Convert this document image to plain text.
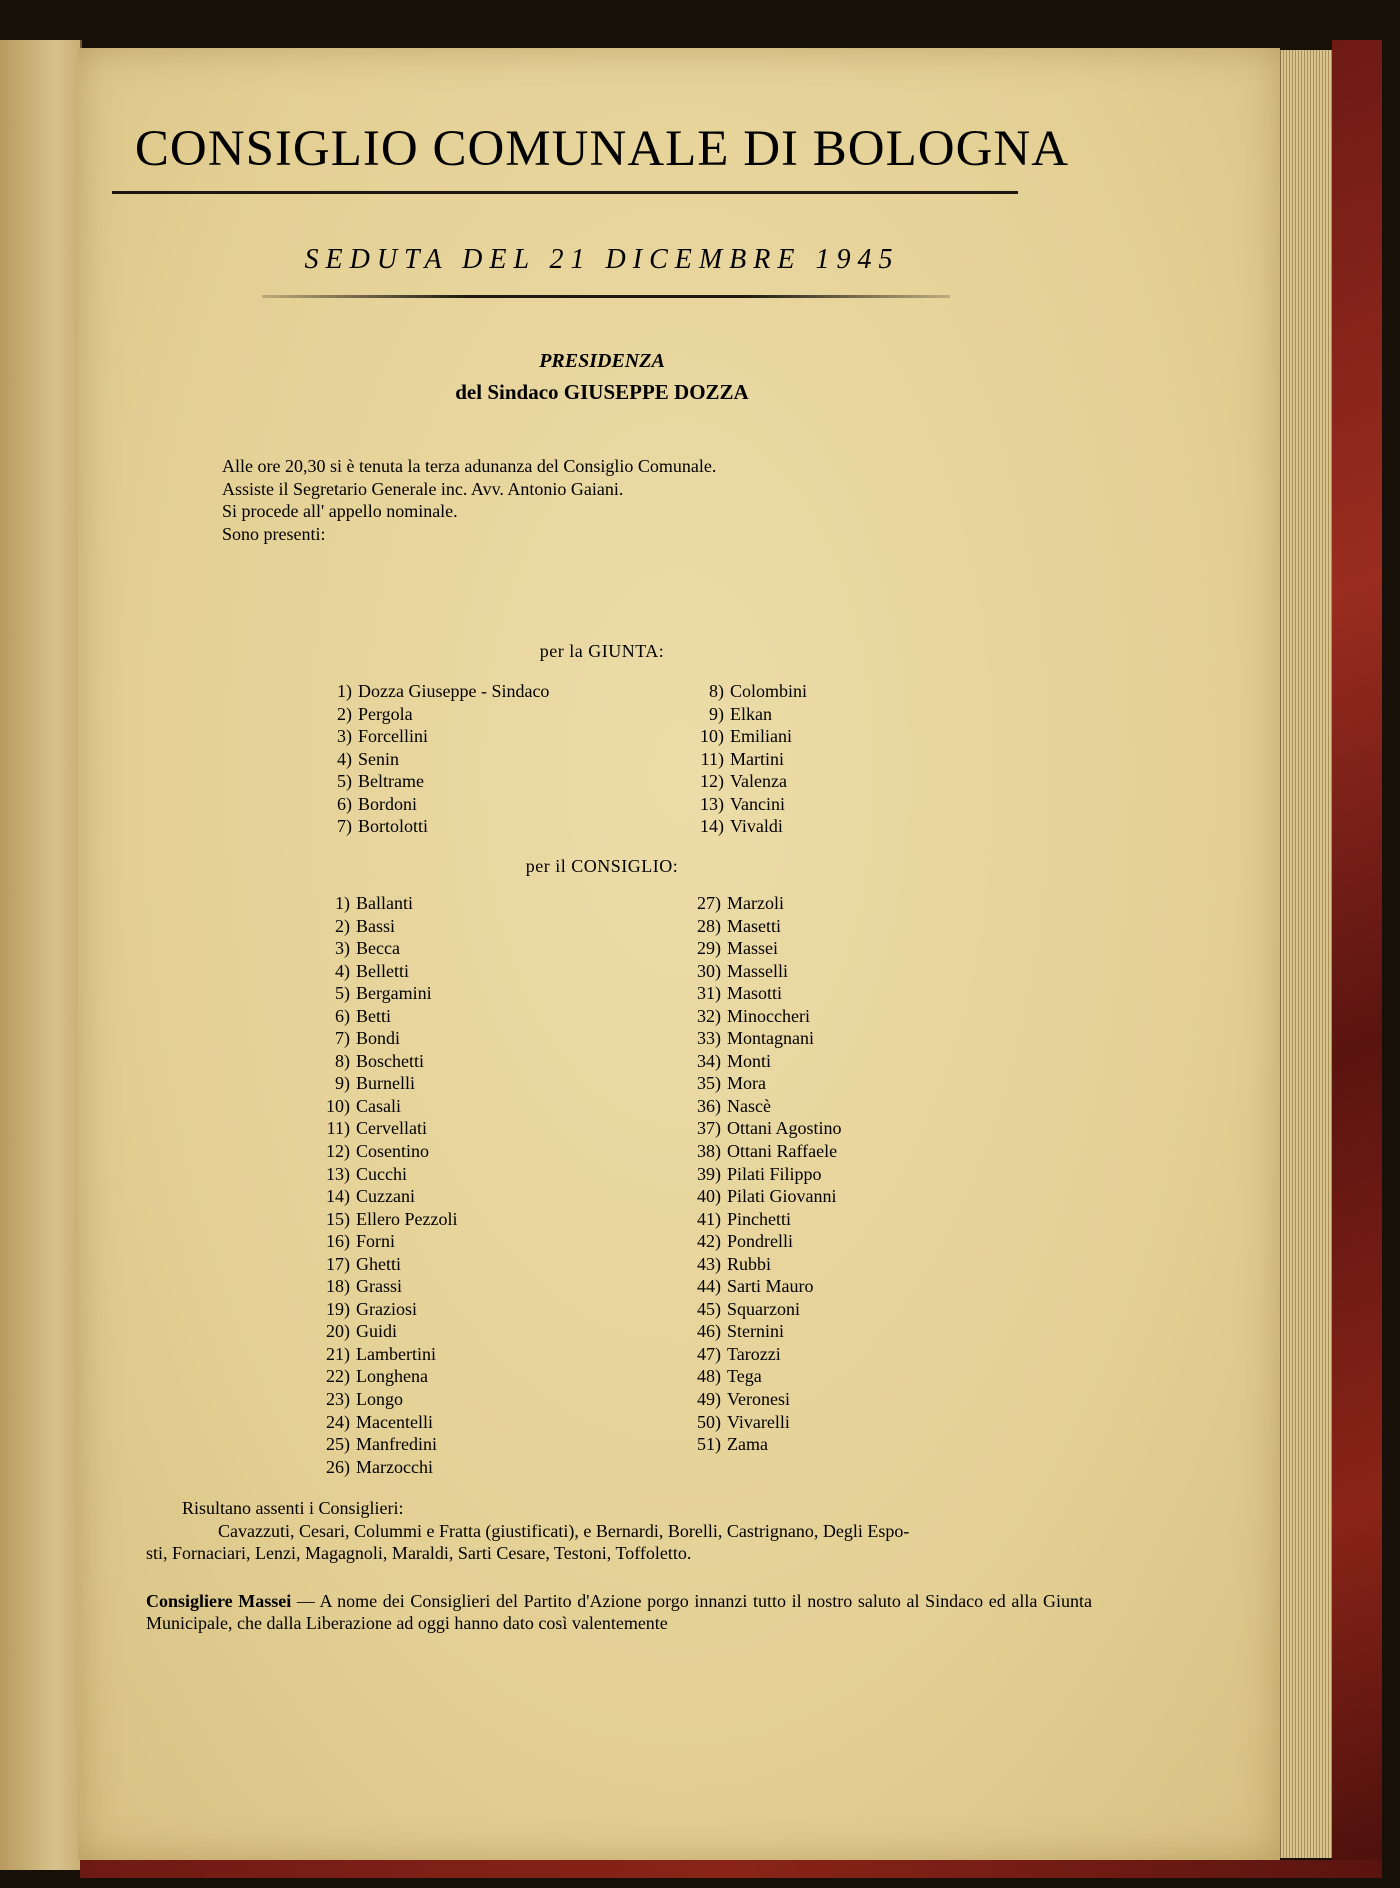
CONSIGLIO COMUNALE DI BOLOGNA
SEDUTA DEL 21 DICEMBRE 1945
PRESIDENZA
del Sindaco GIUSEPPE DOZZA
Alle ore 20,30 si è tenuta la terza adunanza del Consiglio Comunale.
Assiste il Segretario Generale inc. Avv. Antonio Gaiani.
Si procede all' appello nominale.
Sono presenti:
per la GIUNTA:
1) Dozza Giuseppe - Sindaco
2) Pergola
3) Forcellini
4) Senin
5) Beltrame
6) Bordoni
7) Bortolotti
8) Colombini
9) Elkan
10) Emiliani
11) Martini
12) Valenza
13) Vancini
14) Vivaldi
per il CONSIGLIO:
1) Ballanti
2) Bassi
3) Becca
4) Belletti
5) Bergamini
6) Betti
7) Bondi
8) Boschetti
9) Burnelli
10) Casali
11) Cervellati
12) Cosentino
13) Cucchi
14) Cuzzani
15) Ellero Pezzoli
16) Forni
17) Ghetti
18) Grassi
19) Graziosi
20) Guidi
21) Lambertini
22) Longhena
23) Longo
24) Macentelli
25) Manfredini
26) Marzocchi
27) Marzoli
28) Masetti
29) Massei
30) Masselli
31) Masotti
32) Minoccheri
33) Montagnani
34) Monti
35) Mora
36) Nascè
37) Ottani Agostino
38) Ottani Raffaele
39) Pilati Filippo
40) Pilati Giovanni
41) Pinchetti
42) Pondrelli
43) Rubbi
44) Sarti Mauro
45) Squarzoni
46) Sternini
47) Tarozzi
48) Tega
49) Veronesi
50) Vivarelli
51) Zama
Risultano assenti i Consiglieri:
Cavazzuti, Cesari, Colummi e Fratta (giustificati), e Bernardi, Borelli, Castrignano, Degli Espo-
sti, Fornaciari, Lenzi, Magagnoli, Maraldi, Sarti Cesare, Testoni, Toffoletto.
Consigliere Massei — A nome dei Consiglieri del Partito d'Azione porgo innanzi tutto il nostro saluto al Sindaco ed alla Giunta Municipale, che dalla Liberazione ad oggi hanno dato così valentemente
